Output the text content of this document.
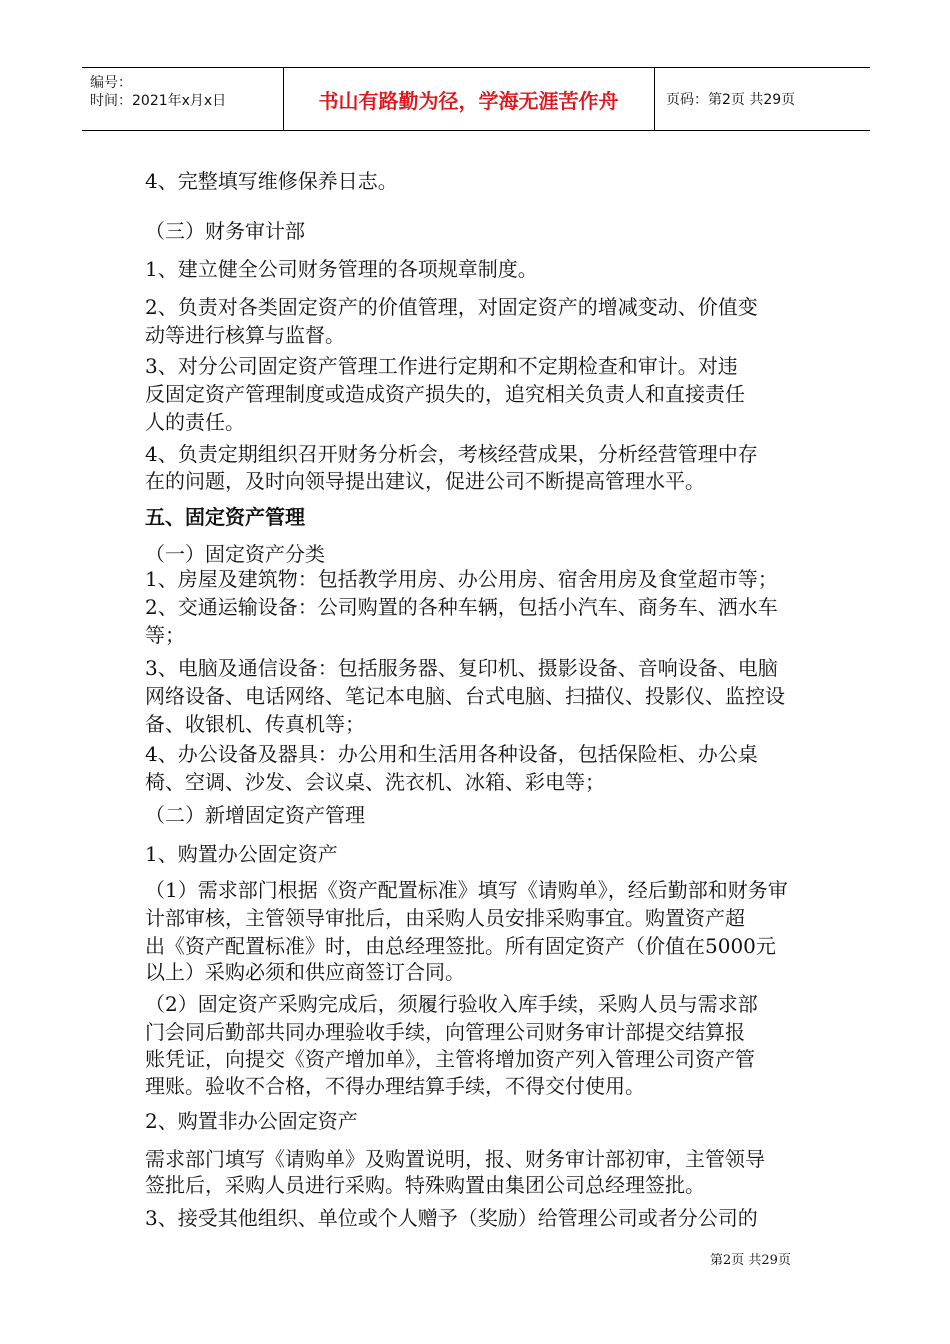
编号：
时间：2021年x月x日	书山有路勤为径，学海无涯苦作舟	页码：第2页 共29页
4、完整填写维修保养日志。
（三）财务审计部
1、建立健全公司财务管理的各项规章制度。
2、负责对各类固定资产的价值管理，对固定资产的增减变动、价值变
动等进行核算与监督。
3、对分公司固定资产管理工作进行定期和不定期检查和审计。对违
反固定资产管理制度或造成资产损失的，追究相关负责人和直接责任
人的责任。
4、负责定期组织召开财务分析会，考核经营成果，分析经营管理中存
在的问题，及时向领导提出建议，促进公司不断提高管理水平。
五、固定资产管理
（一）固定资产分类
1、房屋及建筑物：包括教学用房、办公用房、宿舍用房及食堂超市等；
2、交通运输设备：公司购置的各种车辆，包括小汽车、商务车、洒水车
等；
3、电脑及通信设备：包括服务器、复印机、摄影设备、音响设备、电脑
网络设备、电话网络、笔记本电脑、台式电脑、扫描仪、投影仪、监控设
备、收银机、传真机等；
4、办公设备及器具：办公用和生活用各种设备，包括保险柜、办公桌
椅、空调、沙发、会议桌、洗衣机、冰箱、彩电等；
（二）新增固定资产管理
1、购置办公固定资产
（1）需求部门根据《资产配置标准》填写《请购单》，经后勤部和财务审
计部审核，主管领导审批后，由采购人员安排采购事宜。购置资产超
出《资产配置标准》时，由总经理签批。所有固定资产（价值在5000元
以上）采购必须和供应商签订合同。
（2）固定资产采购完成后，须履行验收入库手续，采购人员与需求部
门会同后勤部共同办理验收手续，向管理公司财务审计部提交结算报
账凭证，向提交《资产增加单》，主管将增加资产列入管理公司资产管
理账。验收不合格，不得办理结算手续，不得交付使用。
2、购置非办公固定资产
需求部门填写《请购单》及购置说明，报、财务审计部初审，主管领导
签批后，采购人员进行采购。特殊购置由集团公司总经理签批。
3、接受其他组织、单位或个人赠予（奖励）给管理公司或者分公司的
第2页 共29页
